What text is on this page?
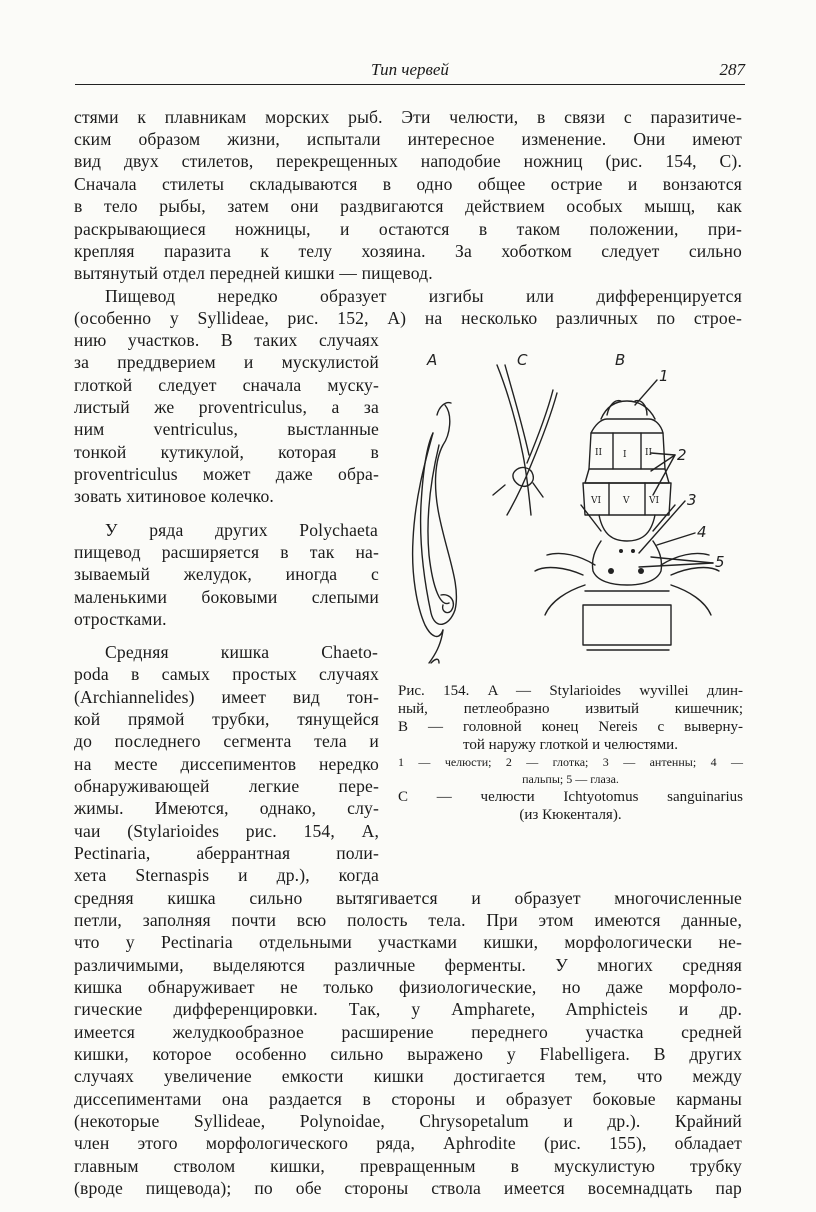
Тип червей	287
стями к плавникам морских рыб. Эти челюсти, в связи с паразитиче-
ским образом жизни, испытали интересное изменение. Они имеют
вид двух стилетов, перекрещенных наподобие ножниц (рис. 154, C).
Сначала стилеты складываются в одно общее острие и вонзаются
в тело рыбы, затем они раздвигаются действием особых мышц, как
раскрывающиеся ножницы, и остаются в таком положении, при-
крепляя паразита к телу хозяина. За хоботком следует сильно
вытянутый отдел передней кишки — пищевод.
Пищевод нередко образует изгибы или дифференцируется
(особенно у Syllideae, рис. 152, A) на несколько различных по строе-
нию участков. В таких случаях
за преддверием и мускулистой
глоткой следует сначала муску-
листый же proventriculus, а за
ним ventriculus, выстланные
тонкой кутикулой, которая в
proventriculus может даже обра-
зовать хитиновое колечко.
У ряда других Polychaeta
пищевод расширяется в так на-
зываемый желудок, иногда с
маленькими боковыми слепыми
отростками.
Средняя кишка Chaeto-
poda в самых простых случаях
(Archiannelides) имеет вид тон-
кой прямой трубки, тянущейся
до последнего сегмента тела и
на месте диссепиментов нередко
обнаруживающей легкие пере-
жимы. Имеются, однако, слу-
чаи (Stylarioides рис. 154, A,
Pectinaria, аберрантная поли-
хета Sternaspis и др.), когда
средняя кишка сильно вытягивается и образует многочисленные
петли, заполняя почти всю полость тела. При этом имеются данные,
что у Pectinaria отдельными участками кишки, морфологически не-
различимыми, выделяются различные ферменты. У многих средняя
кишка обнаруживает не только физиологические, но даже морфоло-
гические дифференцировки. Так, у Ampharete, Amphicteis и др.
имеется желудкообразное расширение переднего участка средней
кишки, которое особенно сильно выражено у Flabelligera. В других
случаях увеличение емкости кишки достигается тем, что между
диссепиментами она раздается в стороны и образует боковые карманы
(некоторые Syllideae, Polynoidae, Chrysopetalum и др.). Крайний
член этого морфологического ряда, Aphrodite (рис. 155), обладает
главным стволом кишки, превращенным в мускулистую трубку
(вроде пищевода); по обе стороны ствола имеется восемнадцать пар
A	C	B
1
2
3
4
5
II I II
VI V VI
Рис. 154. A — Stylarioides wyvillei длин-
ный, петлеобразно извитый кишечник;
B — головной конец Nereis с выверну-
той наружу глоткой и челюстями.
1 — челюсти; 2 — глотка; 3 — антенны; 4 —
пальпы; 5 — глаза.
C — челюсти Ichtyotomus sanguinarius
(из Кюкенталя).
